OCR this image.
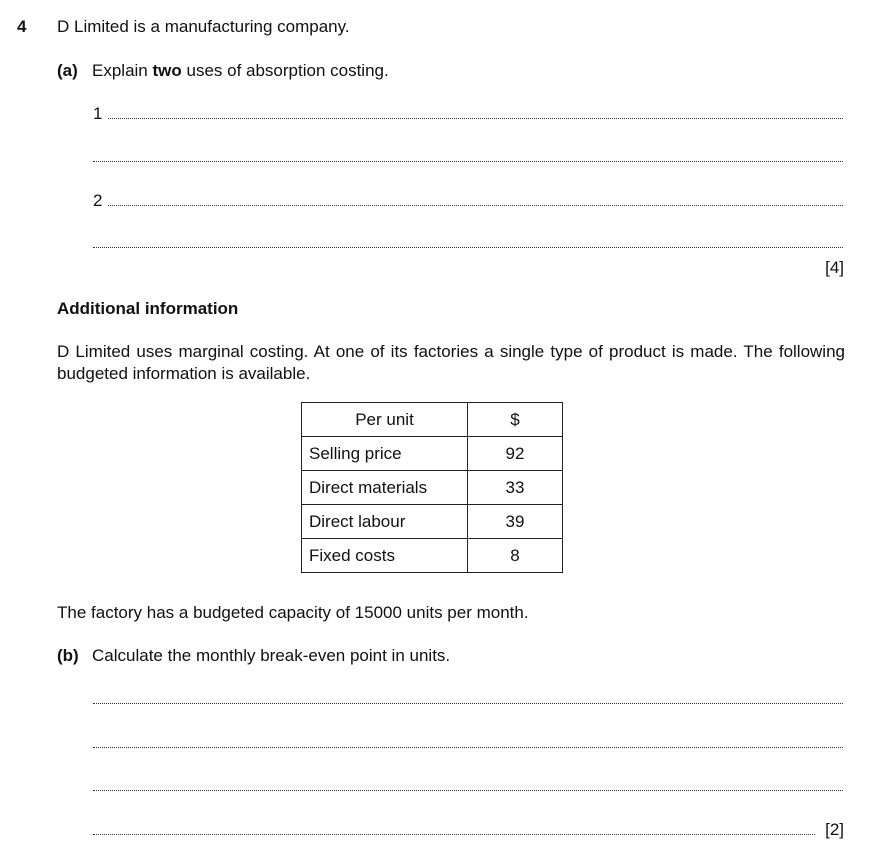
4 D Limited is a manufacturing company.
(a) Explain two uses of absorption costing.
1
2
[4]
Additional information
D Limited uses marginal costing. At one of its factories a single type of product is made. The following budgeted information is available.
Per unit	$
Selling price	92
Direct materials	33
Direct labour	39
Fixed costs	8
The factory has a budgeted capacity of 15000 units per month.
(b) Calculate the monthly break-even point in units.
[2]
